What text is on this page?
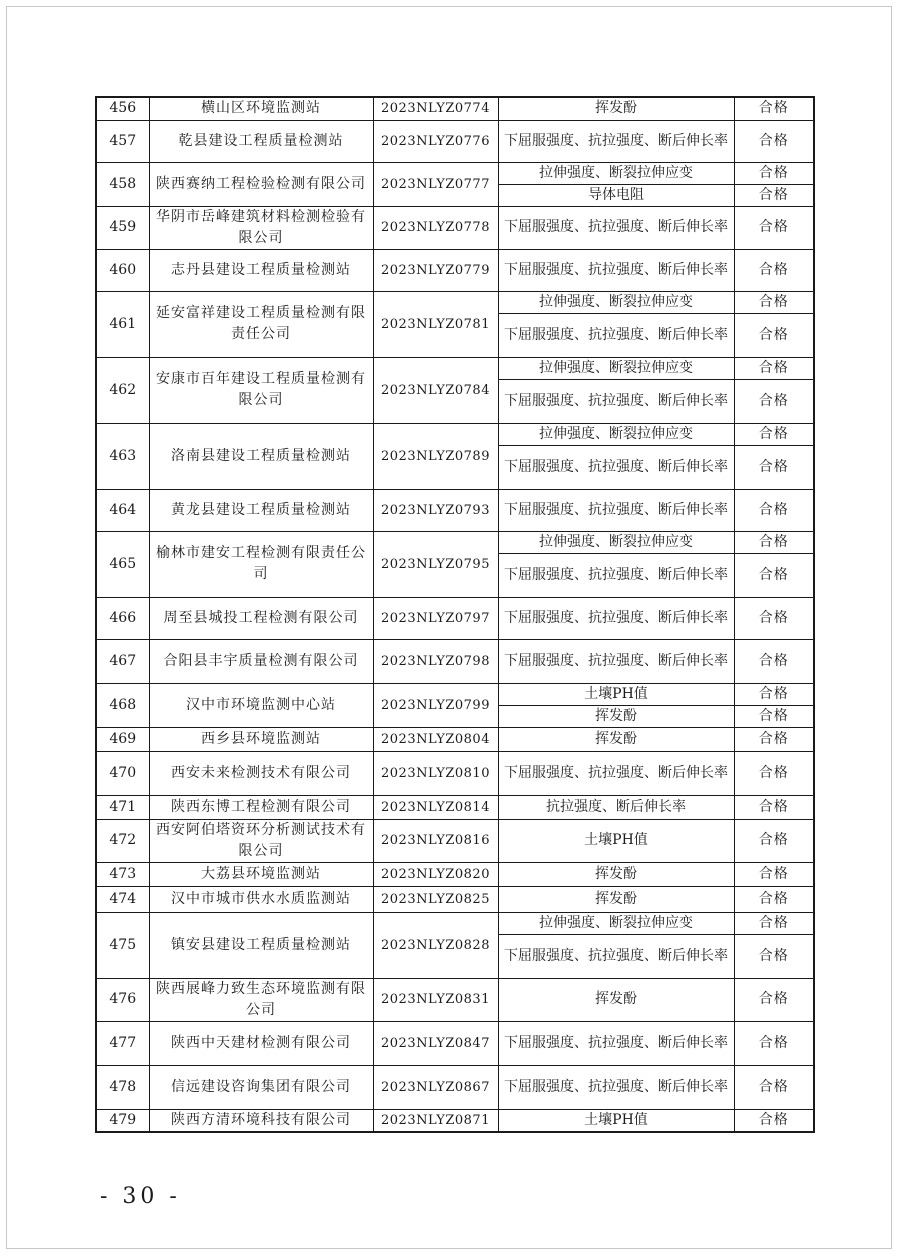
456	横山区环境监测站	2023NLYZ0774	挥发酚	合格
457	乾县建设工程质量检测站	2023NLYZ0776	下屈服强度、抗拉强度、断后伸长率	合格
458	陕西赛纳工程检验检测有限公司	2023NLYZ0777	拉伸强度、断裂拉伸应变	合格
			导体电阻	合格
459	华阴市岳峰建筑材料检测检验有限公司	2023NLYZ0778	下屈服强度、抗拉强度、断后伸长率	合格
460	志丹县建设工程质量检测站	2023NLYZ0779	下屈服强度、抗拉强度、断后伸长率	合格
461	延安富祥建设工程质量检测有限责任公司	2023NLYZ0781	拉伸强度、断裂拉伸应变	合格
			下屈服强度、抗拉强度、断后伸长率	合格
462	安康市百年建设工程质量检测有限公司	2023NLYZ0784	拉伸强度、断裂拉伸应变	合格
			下屈服强度、抗拉强度、断后伸长率	合格
463	洛南县建设工程质量检测站	2023NLYZ0789	拉伸强度、断裂拉伸应变	合格
			下屈服强度、抗拉强度、断后伸长率	合格
464	黄龙县建设工程质量检测站	2023NLYZ0793	下屈服强度、抗拉强度、断后伸长率	合格
465	榆林市建安工程检测有限责任公司	2023NLYZ0795	拉伸强度、断裂拉伸应变	合格
			下屈服强度、抗拉强度、断后伸长率	合格
466	周至县城投工程检测有限公司	2023NLYZ0797	下屈服强度、抗拉强度、断后伸长率	合格
467	合阳县丰宇质量检测有限公司	2023NLYZ0798	下屈服强度、抗拉强度、断后伸长率	合格
468	汉中市环境监测中心站	2023NLYZ0799	土壤PH值	合格
			挥发酚	合格
469	西乡县环境监测站	2023NLYZ0804	挥发酚	合格
470	西安未来检测技术有限公司	2023NLYZ0810	下屈服强度、抗拉强度、断后伸长率	合格
471	陕西东博工程检测有限公司	2023NLYZ0814	抗拉强度、断后伸长率	合格
472	西安阿伯塔资环分析测试技术有限公司	2023NLYZ0816	土壤PH值	合格
473	大荔县环境监测站	2023NLYZ0820	挥发酚	合格
474	汉中市城市供水水质监测站	2023NLYZ0825	挥发酚	合格
475	镇安县建设工程质量检测站	2023NLYZ0828	拉伸强度、断裂拉伸应变	合格
			下屈服强度、抗拉强度、断后伸长率	合格
476	陕西展峰力致生态环境监测有限公司	2023NLYZ0831	挥发酚	合格
477	陕西中天建材检测有限公司	2023NLYZ0847	下屈服强度、抗拉强度、断后伸长率	合格
478	信远建设咨询集团有限公司	2023NLYZ0867	下屈服强度、抗拉强度、断后伸长率	合格
479	陕西方清环境科技有限公司	2023NLYZ0871	土壤PH值	合格
- 30 -
